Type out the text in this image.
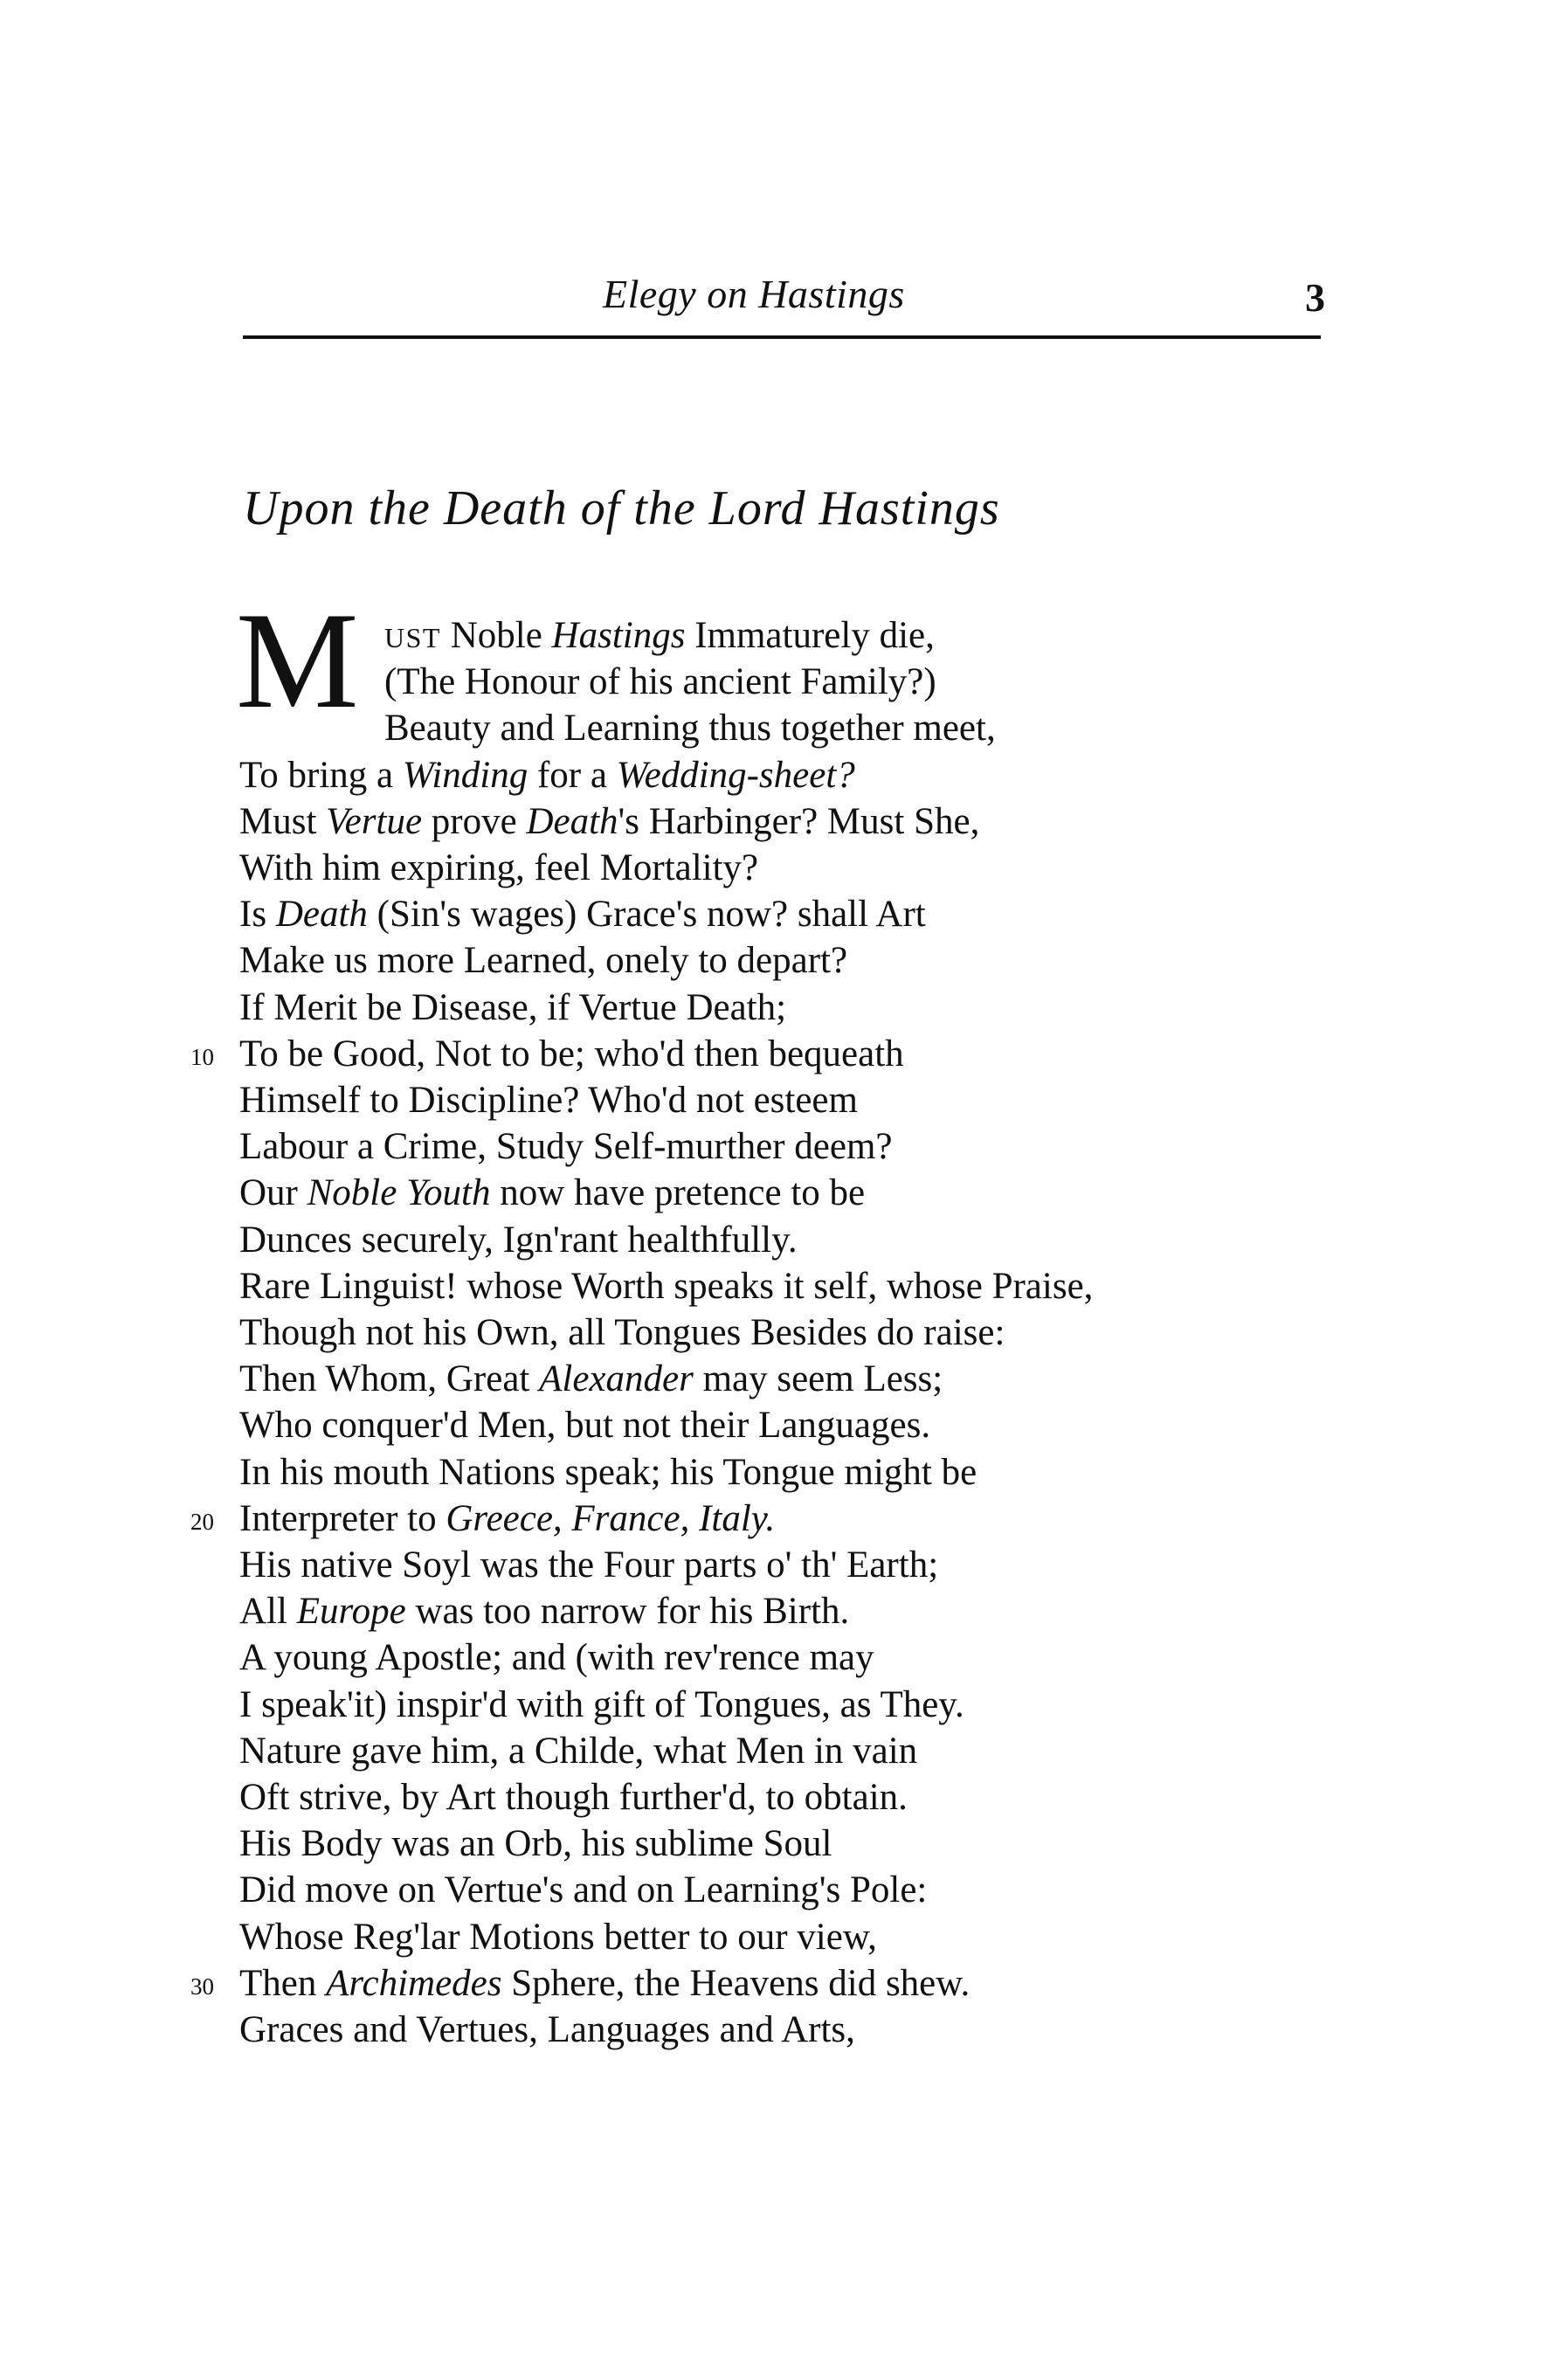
Elegy on Hastings	3
Upon the Death of the Lord Hastings
M UST Noble Hastings Immaturely die,
(The Honour of his ancient Family?)
Beauty and Learning thus together meet,
To bring a Winding for a Wedding-sheet?
Must Vertue prove Death's Harbinger? Must She,
With him expiring, feel Mortality?
Is Death (Sin's wages) Grace's now? shall Art
Make us more Learned, onely to depart?
If Merit be Disease, if Vertue Death;
To be Good, Not to be; who'd then bequeath
Himself to Discipline? Who'd not esteem
Labour a Crime, Study Self-murther deem?
Our Noble Youth now have pretence to be
Dunces securely, Ign'rant healthfully.
Rare Linguist! whose Worth speaks it self, whose Praise,
Though not his Own, all Tongues Besides do raise:
Then Whom, Great Alexander may seem Less;
Who conquer'd Men, but not their Languages.
In his mouth Nations speak; his Tongue might be
Interpreter to Greece, France, Italy.
His native Soyl was the Four parts o' th' Earth;
All Europe was too narrow for his Birth.
A young Apostle; and (with rev'rence may
I speak'it) inspir'd with gift of Tongues, as They.
Nature gave him, a Childe, what Men in vain
Oft strive, by Art though further'd, to obtain.
His Body was an Orb, his sublime Soul
Did move on Vertue's and on Learning's Pole:
Whose Reg'lar Motions better to our view,
Then Archimedes Sphere, the Heavens did shew.
Graces and Vertues, Languages and Arts,
10
20
30
